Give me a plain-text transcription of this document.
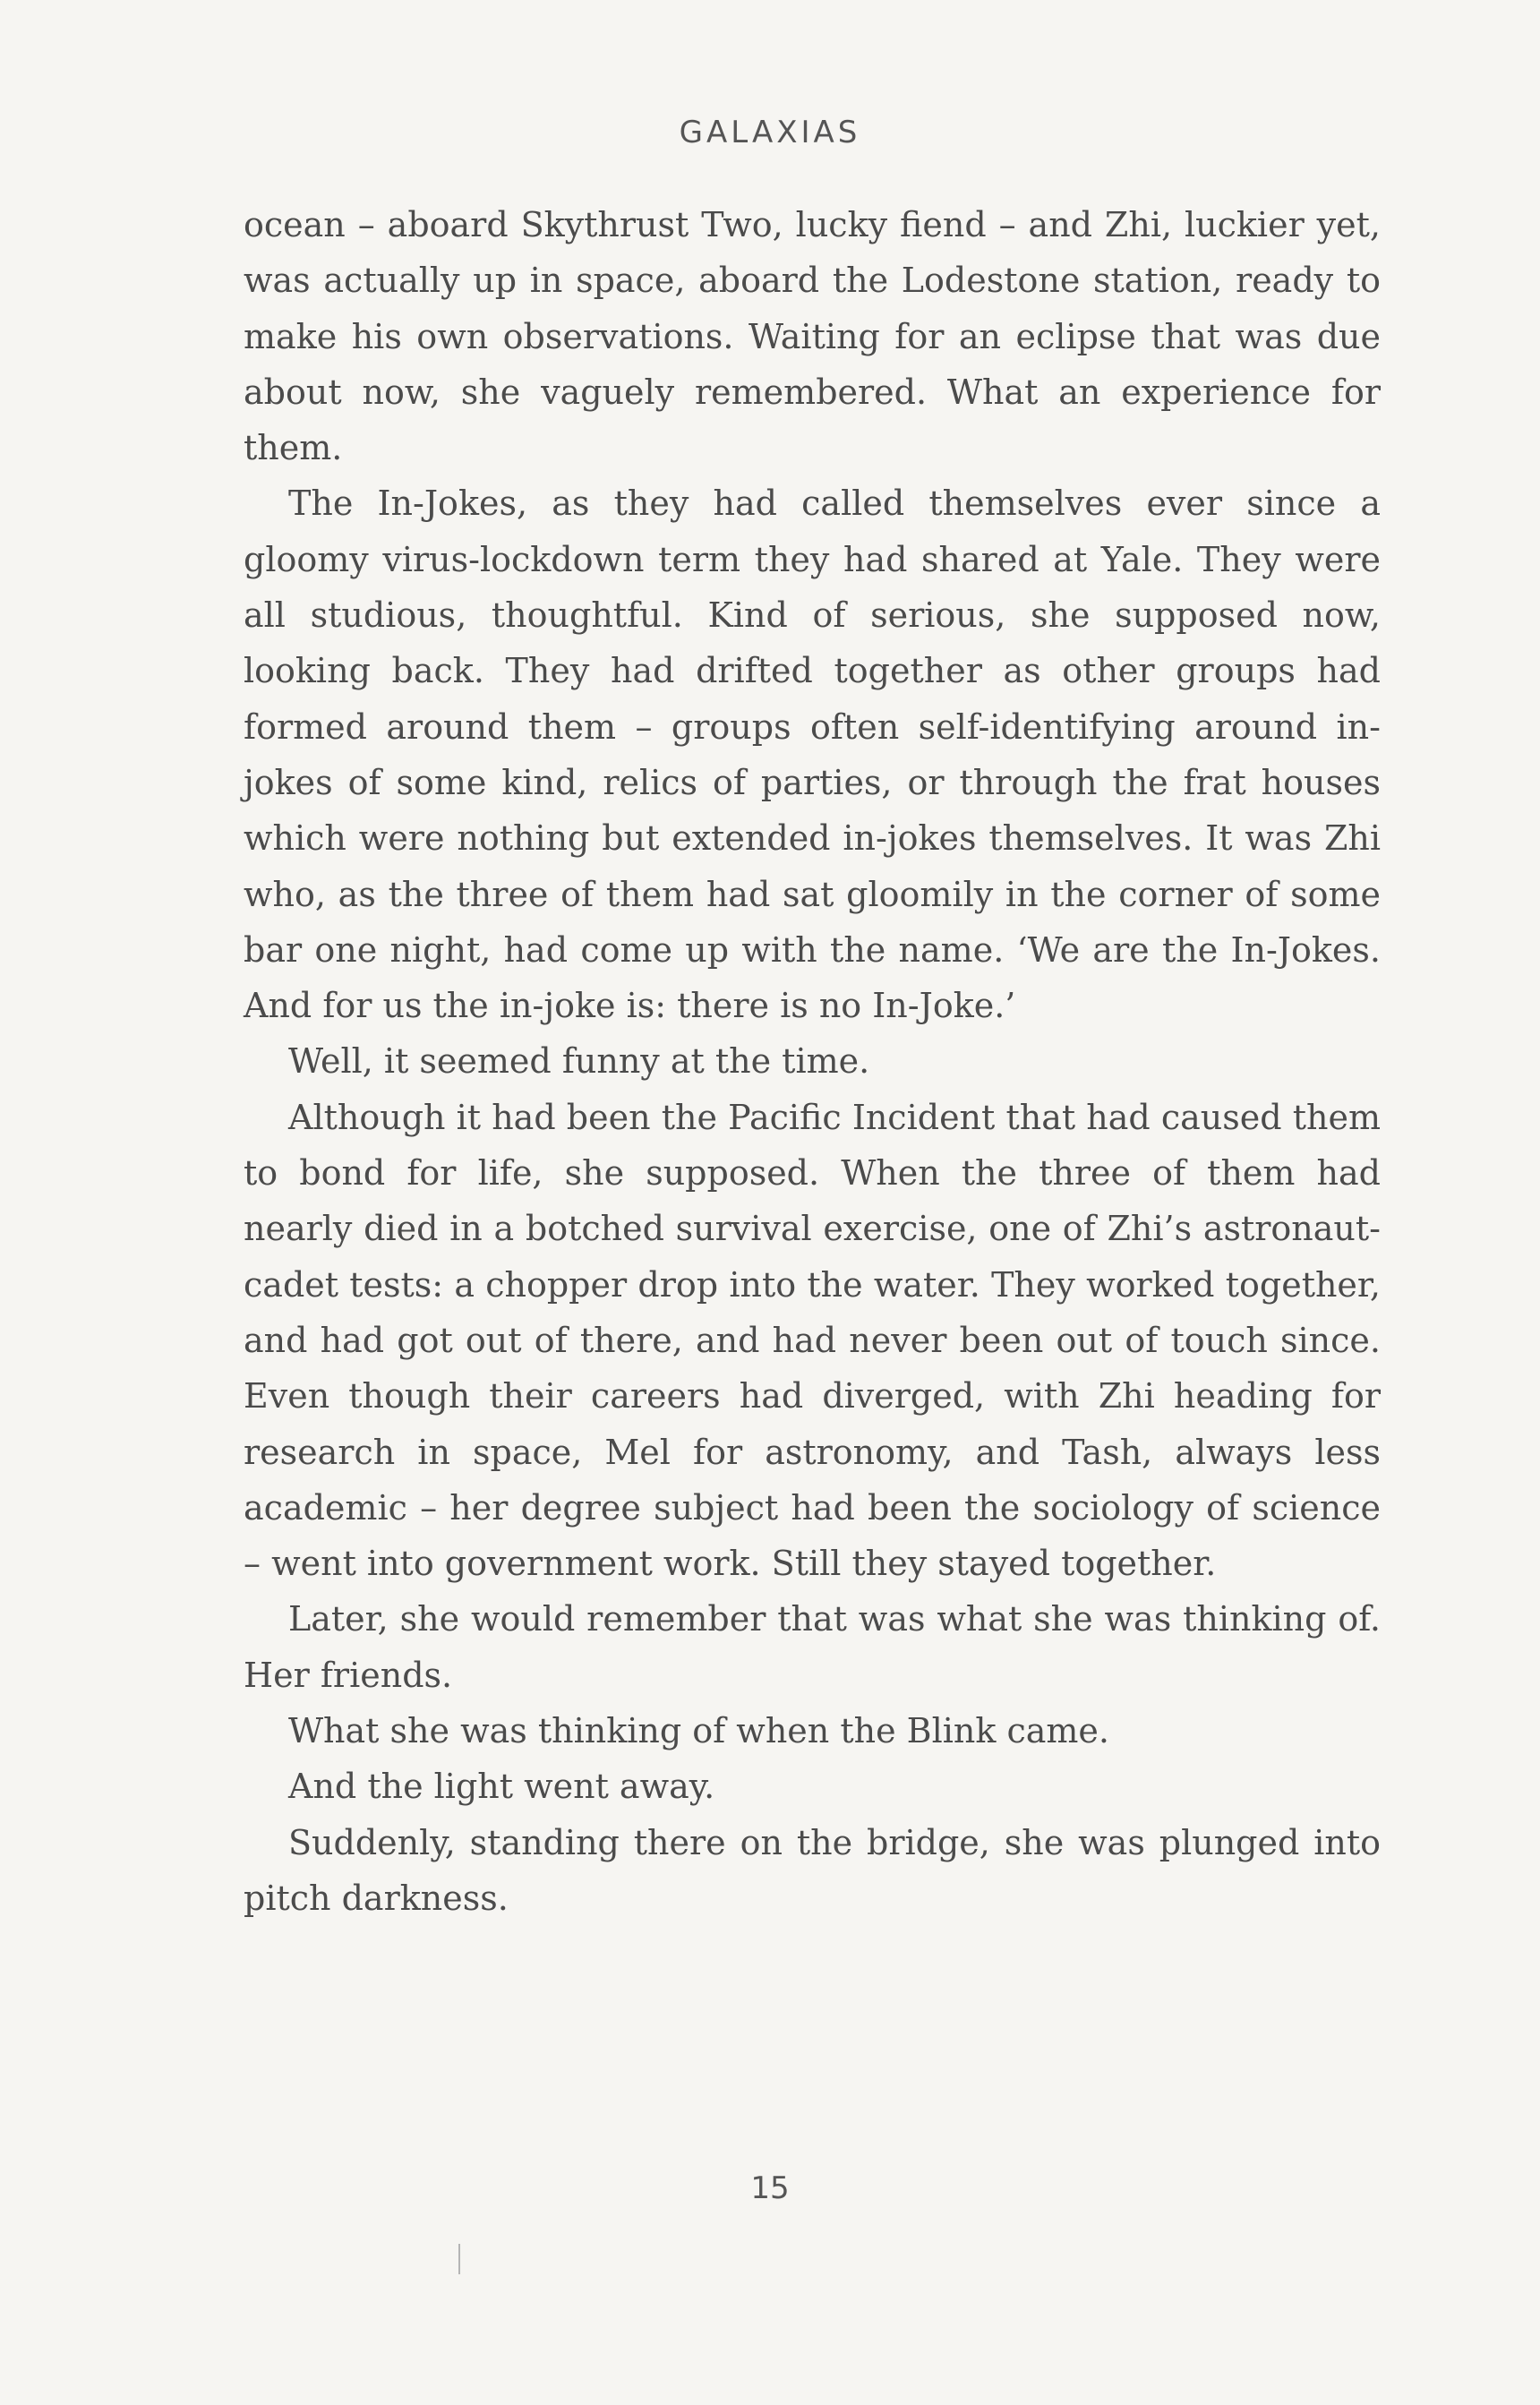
GALAXIAS

ocean – aboard Skythrust Two, lucky fiend – and Zhi, luckier yet, was actually up in space, aboard the Lodestone station, ready to make his own observations. Waiting for an eclipse that was due about now, she vaguely remembered. What an experience for them.

The In-Jokes, as they had called themselves ever since a gloomy virus-lockdown term they had shared at Yale. They were all studious, thoughtful. Kind of serious, she supposed now, looking back. They had drifted together as other groups had formed around them – groups often self-identifying around in-jokes of some kind, relics of parties, or through the frat houses which were nothing but extended in-jokes themselves. It was Zhi who, as the three of them had sat gloomily in the corner of some bar one night, had come up with the name. ‘We are the In-Jokes. And for us the in-joke is: there is no In-Joke.’

Well, it seemed funny at the time.

Although it had been the Pacific Incident that had caused them to bond for life, she supposed. When the three of them had nearly died in a botched survival exercise, one of Zhi’s astronaut-cadet tests: a chopper drop into the water. They worked together, and had got out of there, and had never been out of touch since. Even though their careers had diverged, with Zhi heading for research in space, Mel for astronomy, and Tash, always less academic – her degree subject had been the sociology of science – went into government work. Still they stayed together.

Later, she would remember that was what she was thinking of. Her friends.

What she was thinking of when the Blink came.

And the light went away.

Suddenly, standing there on the bridge, she was plunged into pitch darkness.

15
